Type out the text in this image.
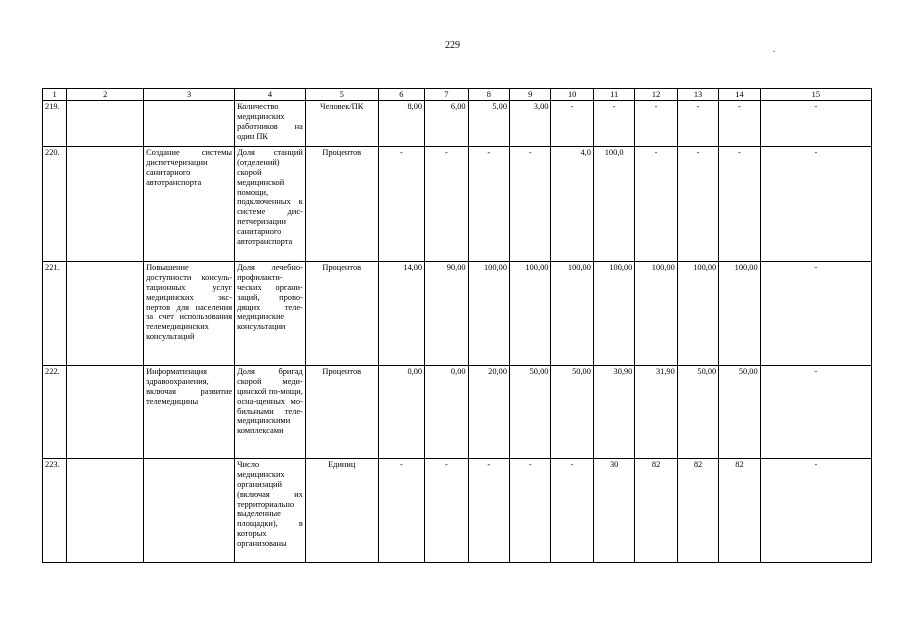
229	.
1	2	3	4	5	6	7	8	9	10	11	12	13	14	15
219.			Количество медицинских работников на один ПК	Человек/ПК	8,00	6,00	5,00	3,00	-	-	-	-	-	-
220.		Создание системы диспетчеризации санитарного автотранспорта	Доля станций (отделений) скорой медицинской помощи, подключенных к системе дис-петчеризации санитарного автотранспорта	Процентов	-	-	-	-	4,0	100,0	-	-	-	-
221.		Повышение доступности консуль-тационных услуг медицинских экс-пертов для населения за счет использования телемедицинских консультаций	Доля лечебно-профилакти-ческих органи-заций, прово-дящих теле-медицинские консультации	Процентов	14,00	90,00	100,00	100,00	100,00	100,00	100,00	100,00	100,00	-
222.		Информатизация здравоохранения, включая развитие телемедицины	Доля бригад скорой меди-цинской по-мощи, осна-щенных мо-бильными теле-медицинскими комплексами	Процентов	0,00	0,00	20,00	50,00	50,00	30,90	31,90	50,00	50,00	-
223.			Число медицинских организаций (включая их территориально выделенные площадки), в которых организованы	Единиц	-	-	-	-	-	30	82	82	82	-
